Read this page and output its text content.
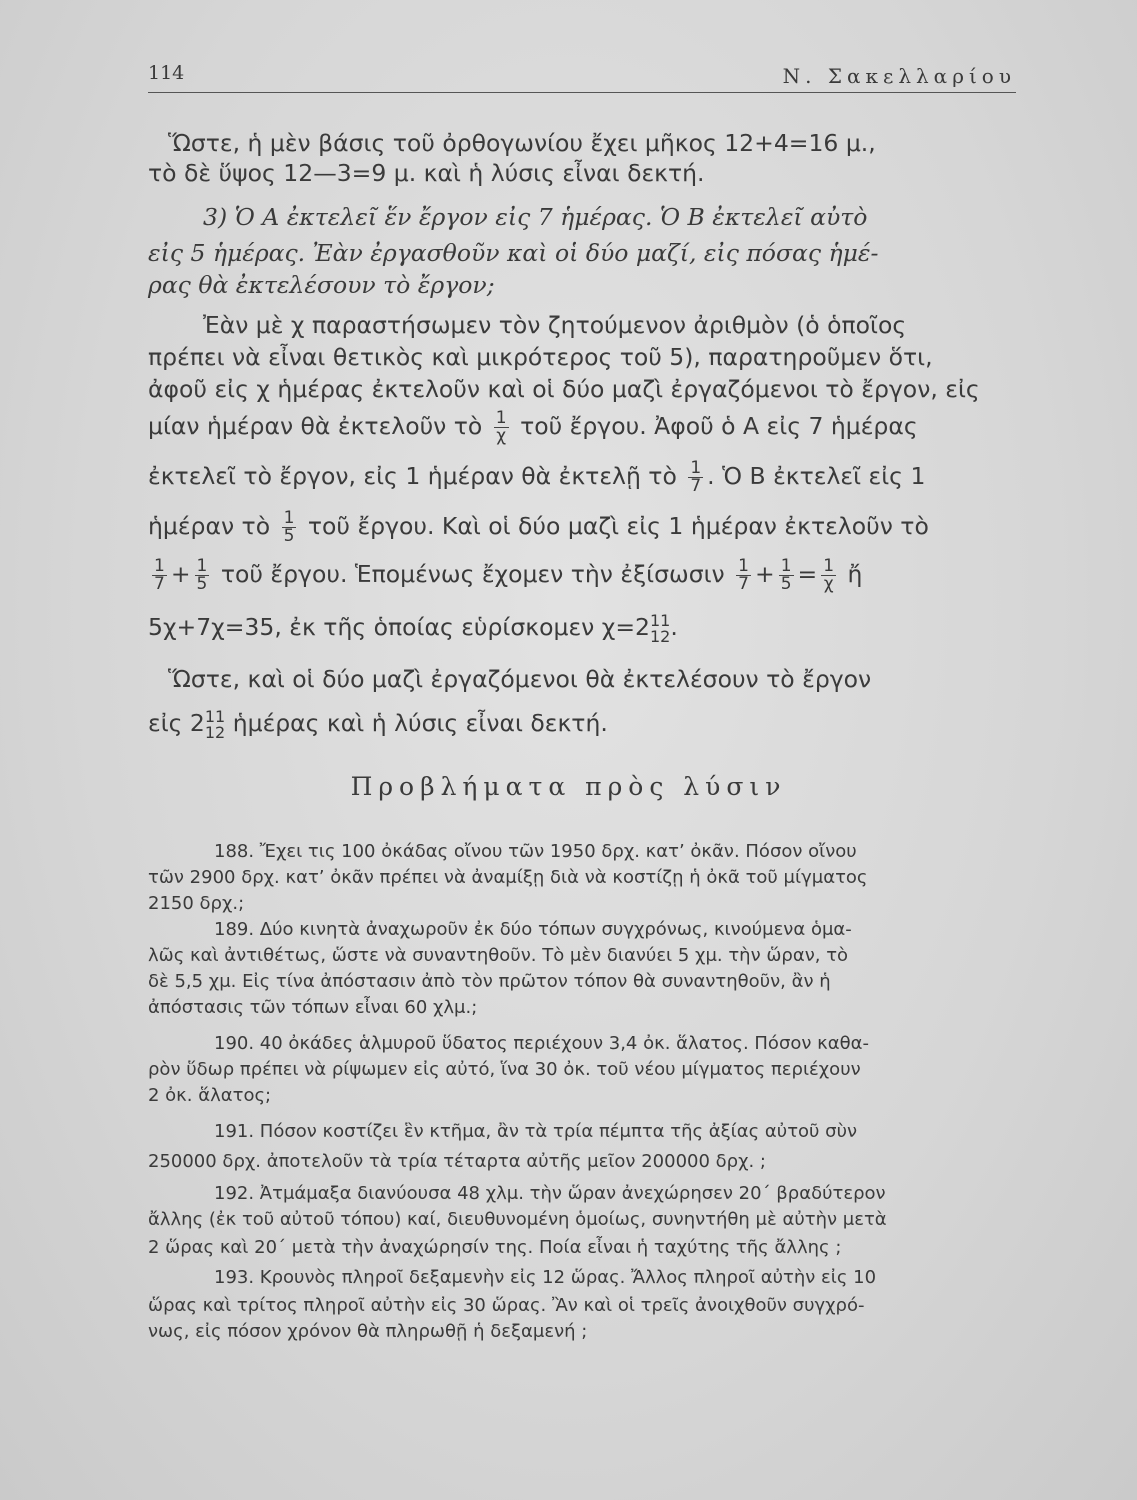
114	Ν. Σακελλαρίου
Ὥστε, ἡ μὲν βάσις τοῦ ὀρθογωνίου ἔχει μῆκος 12+4=16 μ.,
τὸ δὲ ὕψος 12—3=9 μ. καὶ ἡ λύσις εἶναι δεκτή.
3) Ὁ Α ἐκτελεῖ ἕν ἔργον εἰς 7 ἡμέρας. Ὁ Β ἐκτελεῖ αὐτὸ
εἰς 5 ἡμέρας. Ἐὰν ἐργασθοῦν καὶ οἱ δύο μαζί, εἰς πόσας ἡμέ-
ρας θὰ ἐκτελέσουν τὸ ἔργον;
Ἐὰν μὲ χ παραστήσωμεν τὸν ζητούμενον ἀριθμὸν (ὁ ὁποῖος
πρέπει νὰ εἶναι θετικὸς καὶ μικρότερος τοῦ 5), παρατηροῦμεν ὅτι,
ἀφοῦ εἰς χ ἡμέρας ἐκτελοῦν καὶ οἱ δύο μαζὶ ἐργαζόμενοι τὸ ἔργον, εἰς
μίαν ἡμέραν θὰ ἐκτελοῦν τὸ $\frac{1}{\chi}$ τοῦ ἔργου. Ἀφοῦ ὁ Α εἰς 7 ἡμέρας
ἐκτελεῖ τὸ ἔργον, εἰς 1 ἡμέραν θὰ ἐκτελῇ τὸ $\frac{1}{7}$ . Ὁ Β ἐκτελεῖ εἰς 1
ἡμέραν τὸ $\frac{1}{5}$ τοῦ ἔργου. Καὶ οἱ δύο μαζὶ εἰς 1 ἡμέραν ἐκτελοῦν τὸ
$\frac{1}{7} + \frac{1}{5}$ τοῦ ἔργου. Ἑπομένως ἔχομεν τὴν ἐξίσωσιν $\frac{1}{7} + \frac{1}{5} = \frac{1}{\chi}$ ἤ
5χ+7χ=35, ἐκ τῆς ὁποίας εὑρίσκομεν χ=2 11
12 .
Ὥστε, καὶ οἱ δύο μαζὶ ἐργαζόμενοι θὰ ἐκτελέσουν τὸ ἔργον
εἰς 2 11
12 ἡμέρας καὶ ἡ λύσις εἶναι δεκτή.
Προβλήματα πρὸς λύσιν
188. Ἔχει τις 100 ὀκάδας οἴνου τῶν 1950 δρχ. κατ’ ὀκᾶν. Πόσον οἴνου
τῶν 2900 δρχ. κατ’ ὀκᾶν πρέπει νὰ ἀναμίξῃ διὰ νὰ κοστίζῃ ἡ ὀκᾶ τοῦ μίγματος
2150 δρχ.;
189. Δύο κινητὰ ἀναχωροῦν ἐκ δύο τόπων συγχρόνως, κινούμενα ὁμα-
λῶς καὶ ἀντιθέτως, ὥστε νὰ συναντηθοῦν. Τὸ μὲν διανύει 5 χμ. τὴν ὥραν, τὸ
δὲ 5,5 χμ. Εἰς τίνα ἀπόστασιν ἀπὸ τὸν πρῶτον τόπον θὰ συναντηθοῦν, ἂν ἡ
ἀπόστασις τῶν τόπων εἶναι 60 χλμ.;
190. 40 ὀκάδες ἁλμυροῦ ὕδατος περιέχουν 3,4 ὀκ. ἅλατος. Πόσον καθα-
ρὸν ὕδωρ πρέπει νὰ ρίψωμεν εἰς αὐτό, ἵνα 30 ὀκ. τοῦ νέου μίγματος περιέχουν
2 ὀκ. ἅλατος;
191. Πόσον κοστίζει ἓν κτῆμα, ἂν τὰ τρία πέμπτα τῆς ἀξίας αὐτοῦ σὺν
250000 δρχ. ἀποτελοῦν τὰ τρία τέταρτα αὐτῆς μεῖον 200000 δρχ. ;
192. Ἀτμάμαξα διανύουσα 48 χλμ. τὴν ὥραν ἀνεχώρησεν 20΄ βραδύτερον
ἄλλης (ἐκ τοῦ αὐτοῦ τόπου) καί, διευθυνομένη ὁμοίως, συνηντήθη μὲ αὐτὴν μετὰ
2 ὥρας καὶ 20΄ μετὰ τὴν ἀναχώρησίν της. Ποία εἶναι ἡ ταχύτης τῆς ἄλλης ;
193. Κρουνὸς πληροῖ δεξαμενὴν εἰς 12 ὥρας. Ἄλλος πληροῖ αὐτὴν εἰς 10
ὥρας καὶ τρίτος πληροῖ αὐτὴν εἰς 30 ὥρας. Ἂν καὶ οἱ τρεῖς ἀνοιχθοῦν συγχρό-
νως, εἰς πόσον χρόνον θὰ πληρωθῇ ἡ δεξαμενή ;
